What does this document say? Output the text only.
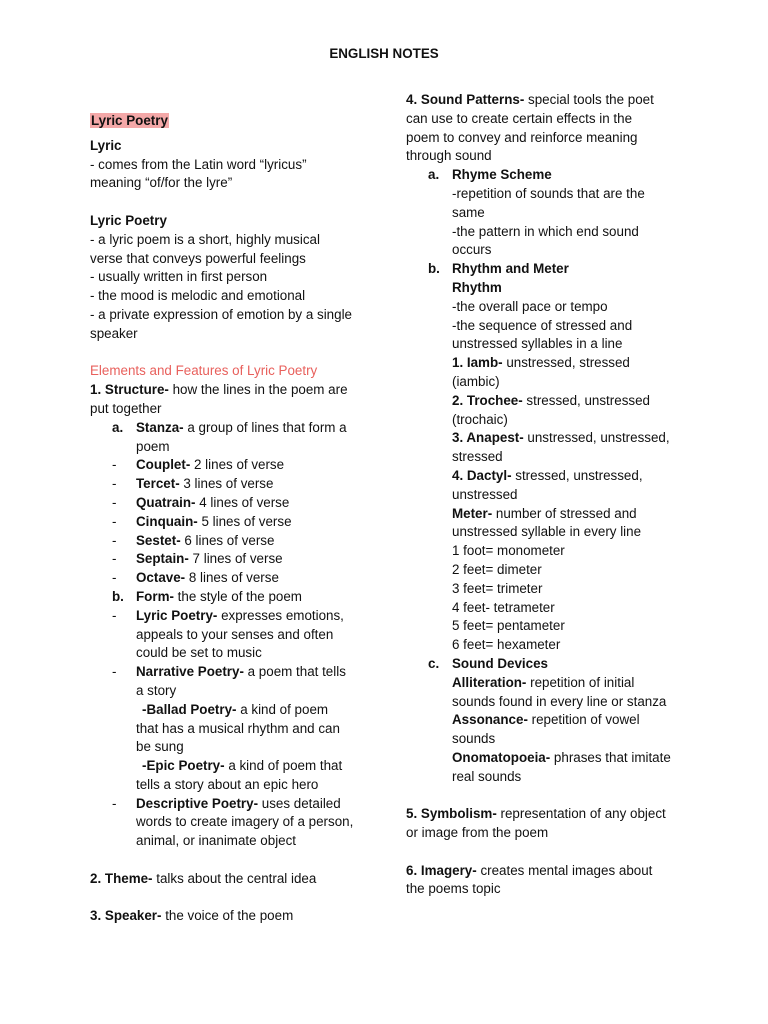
ENGLISH NOTES
Lyric Poetry
Lyric
- comes from the Latin word “lyricus”
meaning “of/for the lyre”
Lyric Poetry
- a lyric poem is a short, highly musical
verse that conveys powerful feelings
- usually written in first person
- the mood is melodic and emotional
- a private expression of emotion by a single
speaker
Elements and Features of Lyric Poetry
1. Structure- how the lines in the poem are
put together
a. Stanza- a group of lines that form a
poem
- Couplet- 2 lines of verse
- Tercet- 3 lines of verse
- Quatrain- 4 lines of verse
- Cinquain- 5 lines of verse
- Sestet- 6 lines of verse
- Septain- 7 lines of verse
- Octave- 8 lines of verse
b. Form- the style of the poem
- Lyric Poetry- expresses emotions,
appeals to your senses and often
could be set to music
- Narrative Poetry- a poem that tells
a story
-Ballad Poetry- a kind of poem
that has a musical rhythm and can
be sung
-Epic Poetry- a kind of poem that
tells a story about an epic hero
- Descriptive Poetry- uses detailed
words to create imagery of a person,
animal, or inanimate object
2. Theme- talks about the central idea
3. Speaker- the voice of the poem
4. Sound Patterns- special tools the poet
can use to create certain effects in the
poem to convey and reinforce meaning
through sound
a. Rhyme Scheme
-repetition of sounds that are the
same
-the pattern in which end sound
occurs
b. Rhythm and Meter
Rhythm
-the overall pace or tempo
-the sequence of stressed and
unstressed syllables in a line
1. Iamb- unstressed, stressed
(iambic)
2. Trochee- stressed, unstressed
(trochaic)
3. Anapest- unstressed, unstressed,
stressed
4. Dactyl- stressed, unstressed,
unstressed
Meter- number of stressed and
unstressed syllable in every line
1 foot= monometer
2 feet= dimeter
3 feet= trimeter
4 feet- tetrameter
5 feet= pentameter
6 feet= hexameter
c. Sound Devices
Alliteration- repetition of initial
sounds found in every line or stanza
Assonance- repetition of vowel
sounds
Onomatopoeia- phrases that imitate
real sounds
5. Symbolism- representation of any object
or image from the poem
6. Imagery- creates mental images about
the poems topic
